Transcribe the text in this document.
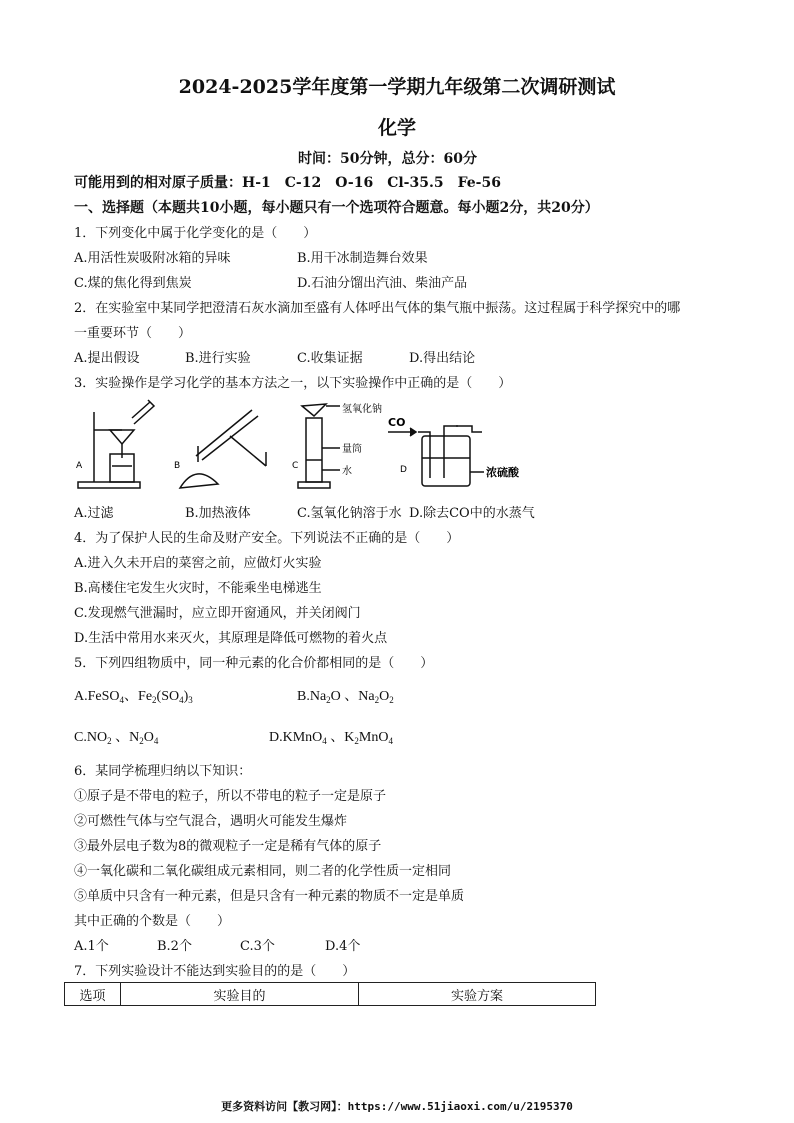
2024-2025学年度第一学期九年级第二次调研测试
化学
时间：50分钟，总分：60分
可能用到的相对原子质量：H-1　C-12　O-16　Cl-35.5　Fe-56
一、选择题（本题共10小题，每小题只有一个选项符合题意。每小题2分，共20分）
1．下列变化中属于化学变化的是（　　）
A.用活性炭吸附冰箱的异味	B.用干冰制造舞台效果
C.煤的焦化得到焦炭	D.石油分馏出汽油、柴油产品
2．在实验室中某同学把澄清石灰水滴加至盛有人体呼出气体的集气瓶中振荡。这过程属于科学探究中的哪
一重要环节（　　）
A.提出假设	B.进行实验	C.收集证据	D.得出结论
3．实验操作是学习化学的基本方法之一，以下实验操作中正确的是（　　）
A	B	C	D
氢氧化钠
量筒
水
CO
浓硫酸
A.过滤	B.加热液体	C.氢氧化钠溶于水 D.除去CO中的水蒸气
4．为了保护人民的生命及财产安全。下列说法不正确的是（　　）
A.进入久未开启的菜窖之前，应做灯火实验
B.高楼住宅发生火灾时，不能乘坐电梯逃生
C.发现燃气泄漏时，应立即开窗通风，并关闭阀门
D.生活中常用水来灭火，其原理是降低可燃物的着火点
5．下列四组物质中，同一种元素的化合价都相同的是（　　）
A.FeSO$_4$、$Fe_2(SO_4)_3$	$B.Na_2O$ 、$Na_2O_2$
$C.NO_2$ 、$N_2O_4$	D.KMnO$_4$ 、$K_2MnO_4$
6．某同学梳理归纳以下知识：
①原子是不带电的粒子，所以不带电的粒子一定是原子
②可燃性气体与空气混合，遇明火可能发生爆炸
③最外层电子数为8的微观粒子一定是稀有气体的原子
④一氧化碳和二氧化碳组成元素相同，则二者的化学性质一定相同
⑤单质中只含有一种元素，但是只含有一种元素的物质不一定是单质
其中正确的个数是（　　）
A.1个	B.2个	C.3个	D.4个
7．下列实验设计不能达到实验目的的是（　　）
选项	实验目的	实验方案
更多资料访问【教习网】：https://www.51jiaoxi.com/u/2195370
